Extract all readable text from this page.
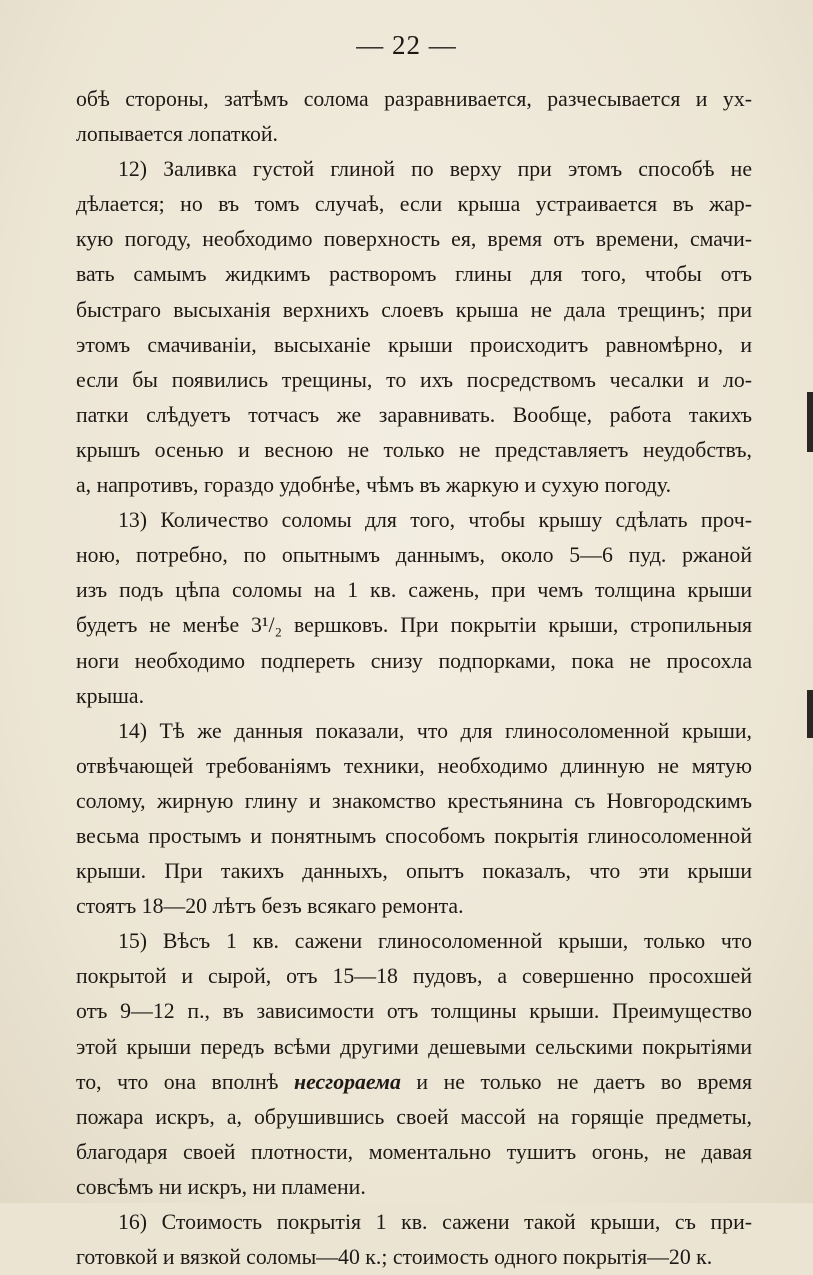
— 22 —

обѣ стороны, затѣмъ солома разравнивается, разчесывается и ух-
лопывается лопаткой.

12) Заливка густой глиной по верху при этомъ способѣ не
дѣлается; но въ томъ случаѣ, если крыша устраивается въ жар-
кую погоду, необходимо поверхность ея, время отъ времени, смачи-
вать самымъ жидкимъ растворомъ глины для того, чтобы отъ
быстраго высыханія верхнихъ слоевъ крыша не дала трещинъ; при
этомъ смачиваніи, высыханіе крыши происходитъ равномѣрно, и
если бы появились трещины, то ихъ посредствомъ чесалки и ло-
патки слѣдуетъ тотчасъ же заравнивать. Вообще, работа такихъ
крышъ осенью и весною не только не представляетъ неудобствъ,
а, напротивъ, гораздо удобнѣе, чѣмъ въ жаркую и сухую погоду.

13) Количество соломы для того, чтобы крышу сдѣлать проч-
ною, потребно, по опытнымъ даннымъ, около 5—6 пуд. ржаной
изъ подъ цѣпа соломы на 1 кв. сажень, при чемъ толщина крыши
будетъ не менѣе 3¹/₂ вершковъ. При покрытіи крыши, стропильныя
ноги необходимо подпереть снизу подпорками, пока не просохла
крыша.

14) Тѣ же данныя показали, что для глиносоломенной крыши,
отвѣчающей требованіямъ техники, необходимо длинную не мятую
солому, жирную глину и знакомство крестьянина съ Новгородскимъ
весьма простымъ и понятнымъ способомъ покрытія глиносоломенной
крыши. При такихъ данныхъ, опытъ показалъ, что эти крыши
стоятъ 18—20 лѣтъ безъ всякаго ремонта.

15) Вѣсъ 1 кв. сажени глиносоломенной крыши, только что
покрытой и сырой, отъ 15—18 пудовъ, а совершенно просохшей
отъ 9—12 п., въ зависимости отъ толщины крыши. Преимущество
этой крыши передъ всѣми другими дешевыми сельскими покрытіями
то, что она вполнѣ несгораема и не только не даетъ во время
пожара искръ, а, обрушившись своей массой на горящіе предметы,
благодаря своей плотности, моментально тушитъ огонь, не давая
совсѣмъ ни искръ, ни пламени.

16) Стоимость покрытія 1 кв. сажени такой крыши, съ при-
готовкой и вязкой соломы—40 к.; стоимость одного покрытія—20 к.
